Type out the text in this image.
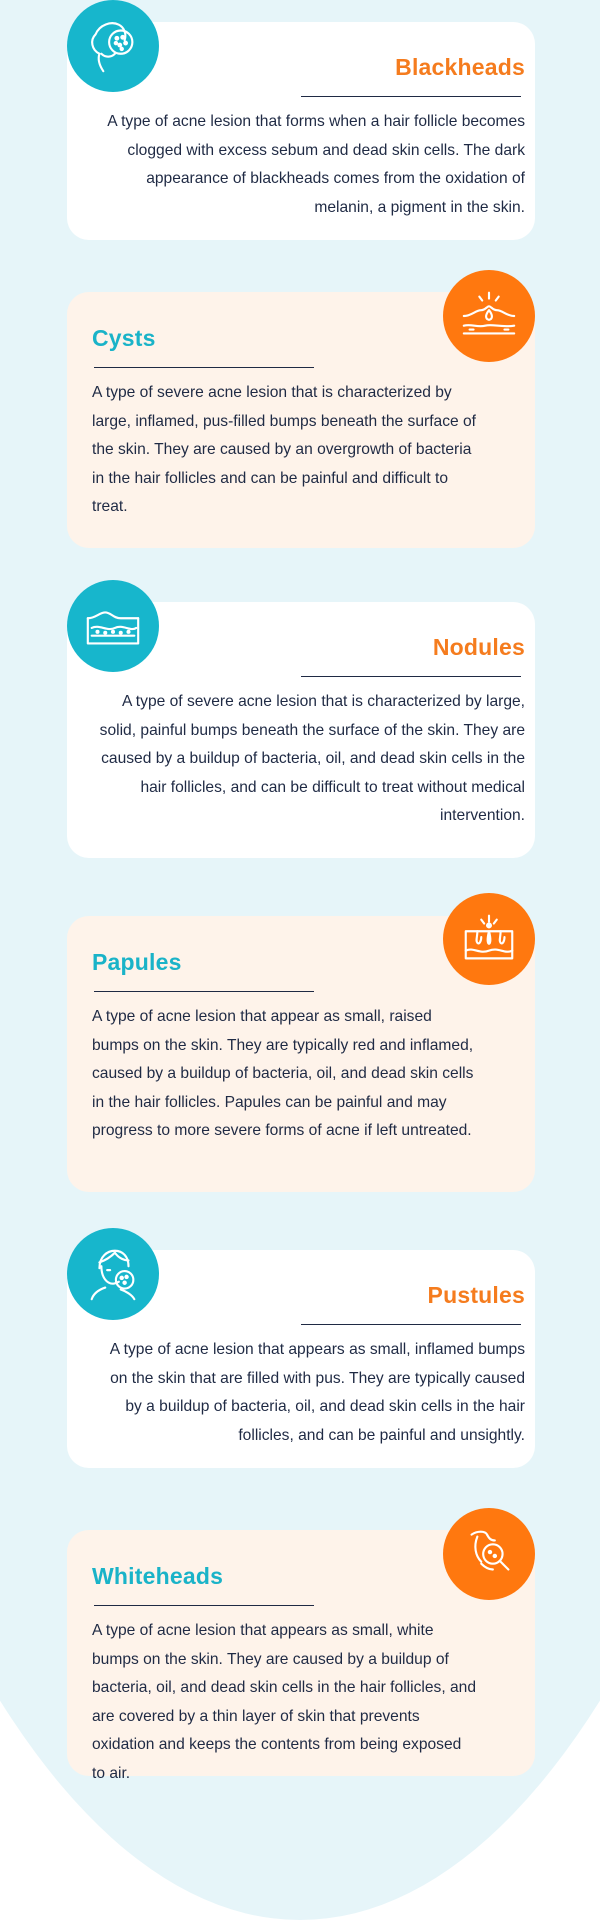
Blackheads
A type of acne lesion that forms when a hair follicle becomes clogged with excess sebum and dead skin cells. The dark appearance of blackheads comes from the oxidation of melanin, a pigment in the skin.
Cysts
A type of severe acne lesion that is characterized by large, inflamed, pus-filled bumps beneath the surface of the skin. They are caused by an overgrowth of bacteria in the hair follicles and can be painful and difficult to treat.
Nodules
A type of severe acne lesion that is characterized by large, solid, painful bumps beneath the surface of the skin. They are caused by a buildup of bacteria, oil, and dead skin cells in the hair follicles, and can be difficult to treat without medical intervention.
Papules
A type of acne lesion that appear as small, raised bumps on the skin. They are typically red and inflamed, caused by a buildup of bacteria, oil, and dead skin cells in the hair follicles. Papules can be painful and may progress to more severe forms of acne if left untreated.
Pustules
A type of acne lesion that appears as small, inflamed bumps on the skin that are filled with pus. They are typically caused by a buildup of bacteria, oil, and dead skin cells in the hair follicles, and can be painful and unsightly.
Whiteheads
A type of acne lesion that appears as small, white bumps on the skin. They are caused by a buildup of bacteria, oil, and dead skin cells in the hair follicles, and are covered by a thin layer of skin that prevents oxidation and keeps the contents from being exposed to air.
